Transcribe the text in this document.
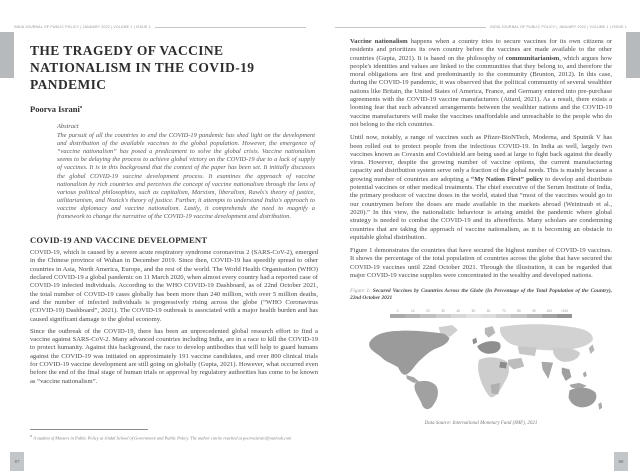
INDIA JOURNAL OF PUBLIC POLICY | JANUARY 2022 | VOLUME 1 | ISSUE 1	INDIA JOURNAL OF PUBLIC POLICY | JANUARY 2022 | VOLUME 1 | ISSUE 1
THE TRAGEDY OF VACCINE NATIONALISM IN THE COVID-19 PANDEMIC
Poorva Israni$^a$
Abstract
The pursuit of all the countries to end the COVID-19 pandemic has shed light on the development and distribution of the available vaccines to the global population. However, the emergence of “vaccine nationalism” has posed a predicament to solve the global crisis. Vaccine nationalism seems to be delaying the process to achieve global victory on the COVID-19 due to a lack of supply of vaccines. It is in this background that the context of the paper has been set. It initially discusses the global COVID-19 vaccine development process. It examines the approach of vaccine nationalism by rich countries and perceives the concept of vaccine nationalism through the lens of various political philosophies, such as capitalism, Marxism, liberalism, Rawls's theory of justice, utilitarianism, and Nozick's theory of justice. Further, it attempts to understand India's approach to vaccine diplomacy and vaccine nationalism. Lastly, it comprehends the need to magnify a framework to change the narrative of the COVID-19 vaccine development and distribution.
COVID-19 AND VACCINE DEVELOPMENT
COVID-19, which is caused by a severe acute respiratory syndrome coronavirus 2 (SARS-CoV-2), emerged in the Chinese province of Wuhan in December 2019. Since then, COVID-19 has speedily spread to other countries in Asia, North America, Europe, and the rest of the world. The World Health Organisation (WHO) declared COVID-19 a global pandemic on 11 March 2020, when almost every country had a reported case of COVID-19 infected individuals. According to the WHO COVID-19 Dashboard, as of 22nd October 2021, the total number of COVID-19 cases globally has been more than 240 million, with over 5 million deaths, and the number of infected individuals is progressively rising across the globe (“WHO Coronavirus (COVID-19) Dashboard”, 2021). The COVID-19 outbreak is associated with a major health burden and has caused significant damage to the global economy.
Since the outbreak of the COVID-19, there has been an unprecedented global research effort to find a vaccine against SARS-CoV-2. Many advanced countries including India, are in a race to kill the COVID-19 to protect humanity. Against this background, the race to develop antibodies that will help to guard humans against the COVID-19 was initiated on approximately 191 vaccine candidates, and over 800 clinical trials for COVID-19 vaccine development are still going on globally (Gupta, 2021). However, what occurred even before the end of the final stage of human trials or approval by regulatory authorities has come to be known as “vaccine nationalism”.
a A student of Masters in Public Policy at Jindal School of Government and Public Policy. The author can be reached at poorvaisrani@outlook.com
Vaccine nationalism happens when a country tries to secure vaccines for its own citizens or residents and prioritizes its own country before the vaccines are made available to the other countries (Gupta, 2021). It is based on the philosophy of communitarianism, which argues how people's identities and values are linked to the communities that they belong to, and therefore the moral obligations are first and predominantly to the community (Brunton, 2012). In this case, during the COVID-19 pandemic, it was observed that the political community of several wealthier nations like Britain, the United States of America, France, and Germany entered into pre-purchase agreements with the COVID-19 vaccine manufacturers (Attard, 2021). As a result, there exists a looming fear that such advanced arrangements between the wealthier nations and the COVID-19 vaccine manufacturers will make the vaccines unaffordable and unreachable to the people who do not belong to the rich countries.
Until now, notably, a range of vaccines such as Pfizer-BioNTech, Moderna, and Sputnik V has been rolled out to protect people from the infectious COVID-19. In India as well, largely two vaccines known as Covaxin and Covishield are being used at large to fight back against the deadly virus. However, despite the growing number of vaccine options, the current manufacturing capacity and distribution system serve only a fraction of the global needs. This is mainly because a growing number of countries are adopting a “My Nation First” policy to develop and distribute potential vaccines or other medical treatments. The chief executive of the Serum Institute of India, the primary producer of vaccine doses in the world, stated that “most of the vaccines would go to our countrymen before the doses are made available in the markets abroad (Weintraub et al., 2020).” In this view, the nationalistic behaviour is arising amidst the pandemic where global strategy is needed to combat the COVID-19 and its aftereffects. Many scholars are condemning countries that are taking the approach of vaccine nationalism, as it is becoming an obstacle to equitable global distribution.
Figure 1 demonstrates the countries that have secured the highest number of COVID-19 vaccines. It shows the percentage of the total population of countries across the globe that have secured the COVID-19 vaccines until 22nd October 2021. Through the illustration, it can be regarded that major COVID-19 vaccine supplies were concentrated in the wealthy and developed nations.
Figure 1: Secured Vaccines by Countries Across the Globe (In Percentage of the Total Population of the Country), 22nd October 2021
0	10	20	30	40	50	60	70	80	90	100	>100
Data Source: International Monetary Fund (IMF), 2021
87	88
